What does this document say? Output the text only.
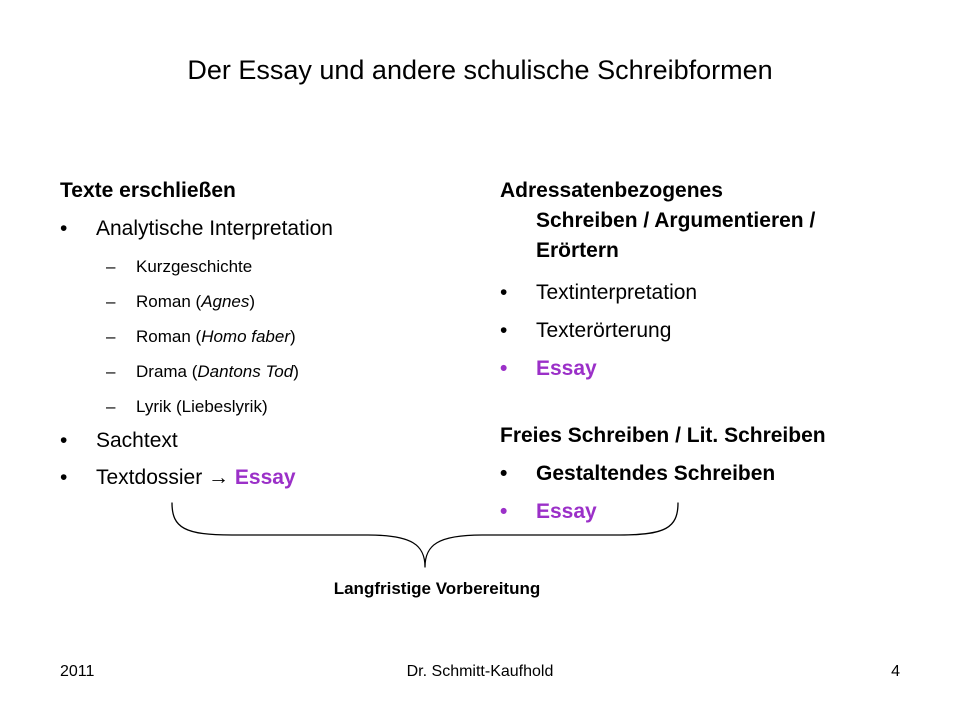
Der Essay und andere schulische Schreibformen
Texte erschließen
• Analytische Interpretation
– Kurzgeschichte
– Roman (Agnes)
– Roman (Homo faber)
– Drama (Dantons Tod)
– Lyrik (Liebeslyrik)
• Sachtext
• Textdossier → Essay
Adressatenbezogenes
Schreiben / Argumentieren /
Erörtern
• Textinterpretation
• Texterörterung
• Essay
Freies Schreiben / Lit. Schreiben
• Gestaltendes Schreiben
• Essay
Langfristige Vorbereitung
2011	Dr. Schmitt-Kaufhold	4
